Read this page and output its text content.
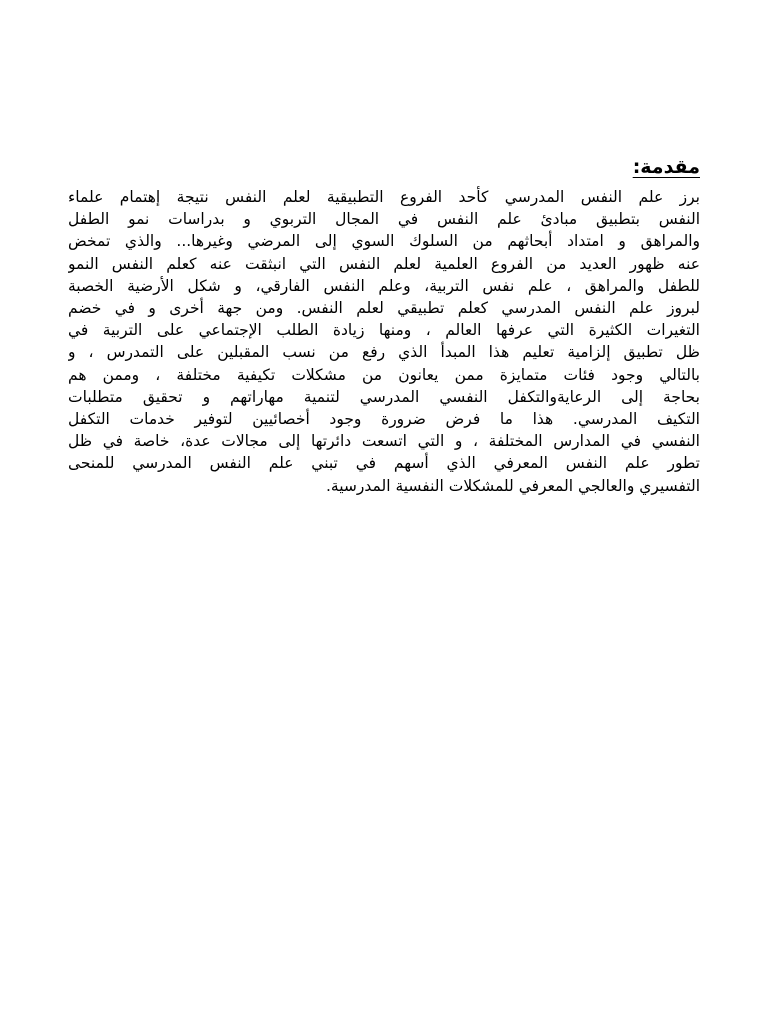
مقدمة:
برز علم النفس المدرسي كأحد الفروع التطبيقية لعلم النفس نتيجة إهتمام علماء
النفس بتطبيق مبادئ علم النفس في المجال التربوي و بدراسات نمو الطفل
والمراهق و امتداد أبحاثهم من السلوك السوي إلى المرضي وغيرها... والذي تمخض
عنه ظهور العديد من الفروع العلمية لعلم النفس التي انبثقت عنه كعلم النفس النمو
للطفل والمراهق ، علم نفس التربية، وعلم النفس الفارقي، و شكل الأرضية الخصبة
لبروز علم النفس المدرسي كعلم تطبيقي لعلم النفس. ومن جهة أخرى و في خضم
التغيرات الكثيرة التي عرفها العالم ، ومنها زيادة الطلب الإجتماعي على التربية في
ظل تطبيق إلزامية تعليم هذا المبدأ الذي رفع من نسب المقبلين على التمدرس ، و
بالتالي وجود فئات متمايزة ممن يعانون من مشكلات تكيفية مختلفة ، وممن هم
بحاجة إلى الرعايةوالتكفل النفسي المدرسي لتنمية مهاراتهم و تحقيق متطلبات
التكيف المدرسي. هذا ما فرض ضرورة وجود أخصائيين لتوفير خدمات التكفل
النفسي في المدارس المختلفة ، و التي اتسعت دائرتها إلى مجالات عدة، خاصة في ظل
تطور علم النفس المعرفي الذي أسهم في تبني علم النفس المدرسي للمنحى
التفسيري والعالجي المعرفي للمشكلات النفسية المدرسية.
